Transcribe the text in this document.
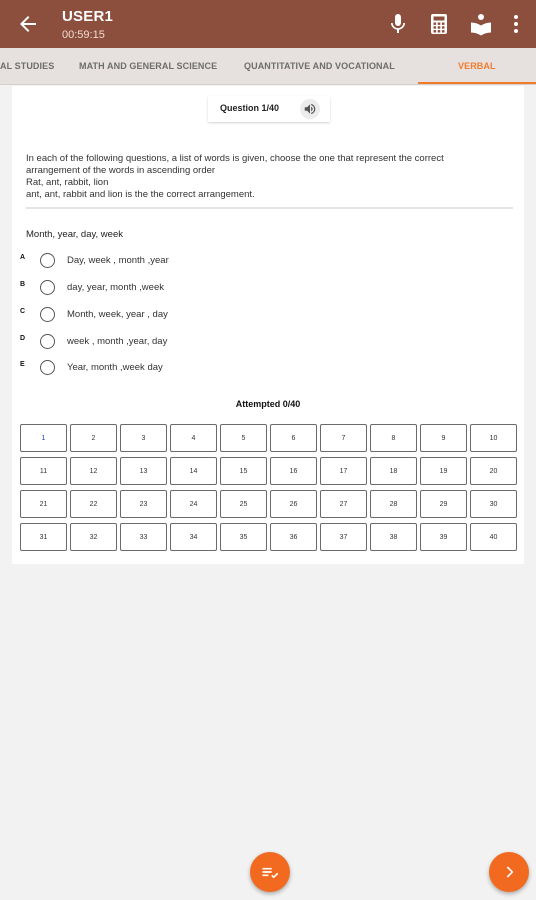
USER1
00:59:15
AL STUDIES	MATH AND GENERAL SCIENCE	QUANTITATIVE AND VOCATIONAL	VERBAL
Question 1/40
In each of the following questions, a list of words is given, choose the one that represent the correct
arrangement of the words in ascending order
Rat, ant, rabbit, lion
ant, ant, rabbit and lion is the the correct arrangement.
Month, year, day, week
A	Day, week , month ,year
B	day, year, month ,week
C	Month, week, year , day
D	week , month ,year, day
E	Year, month ,week day
Attempted 0/40
1	2	3	4	5	6	7	8	9	10
11	12	13	14	15	16	17	18	19	20
21	22	23	24	25	26	27	28	29	30
31	32	33	34	35	36	37	38	39	40
